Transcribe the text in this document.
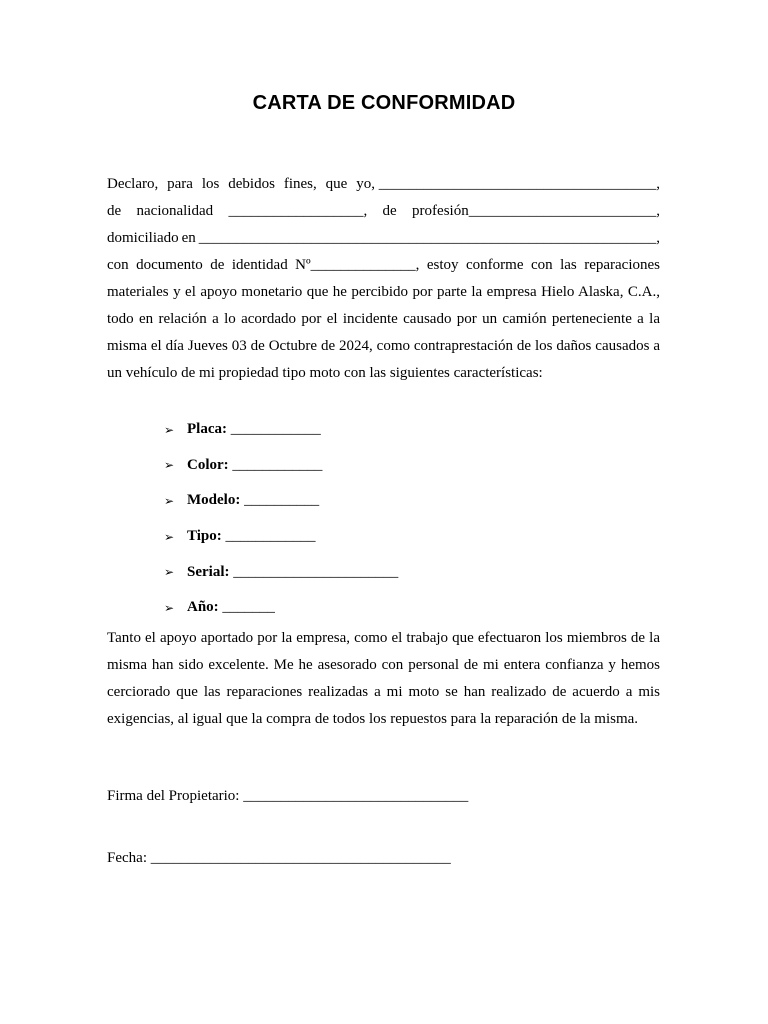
CARTA DE CONFORMIDAD
Declaro, para los debidos fines, que yo, _____________________________________,
de nacionalidad __________________, de profesión_________________________,
domiciliado en _____________________________________________________________,
con documento de identidad Nº______________, estoy conforme con las reparaciones
materiales y el apoyo monetario que he percibido por parte la empresa Hielo Alaska, C.A.,
todo en relación a lo acordado por el incidente causado por un camión perteneciente a la
misma el día Jueves 03 de Octubre de 2024, como contraprestación de los daños causados a
un vehículo de mi propiedad tipo moto con las siguientes características:
➢ Placa:
____________
➢ Color:
____________
➢ Modelo:
__________
➢ Tipo:
____________
➢ Serial:
______________________
➢ Año:
_______
Tanto el apoyo aportado por la empresa, como el trabajo que efectuaron los miembros de la
misma han sido excelente. Me he asesorado con personal de mi entera confianza y hemos
cerciorado que las reparaciones realizadas a mi moto se han realizado de acuerdo a mis
exigencias, al igual que la compra de todos los repuestos para la reparación de la misma.
Firma del Propietario: ______________________________
Fecha: ________________________________________
